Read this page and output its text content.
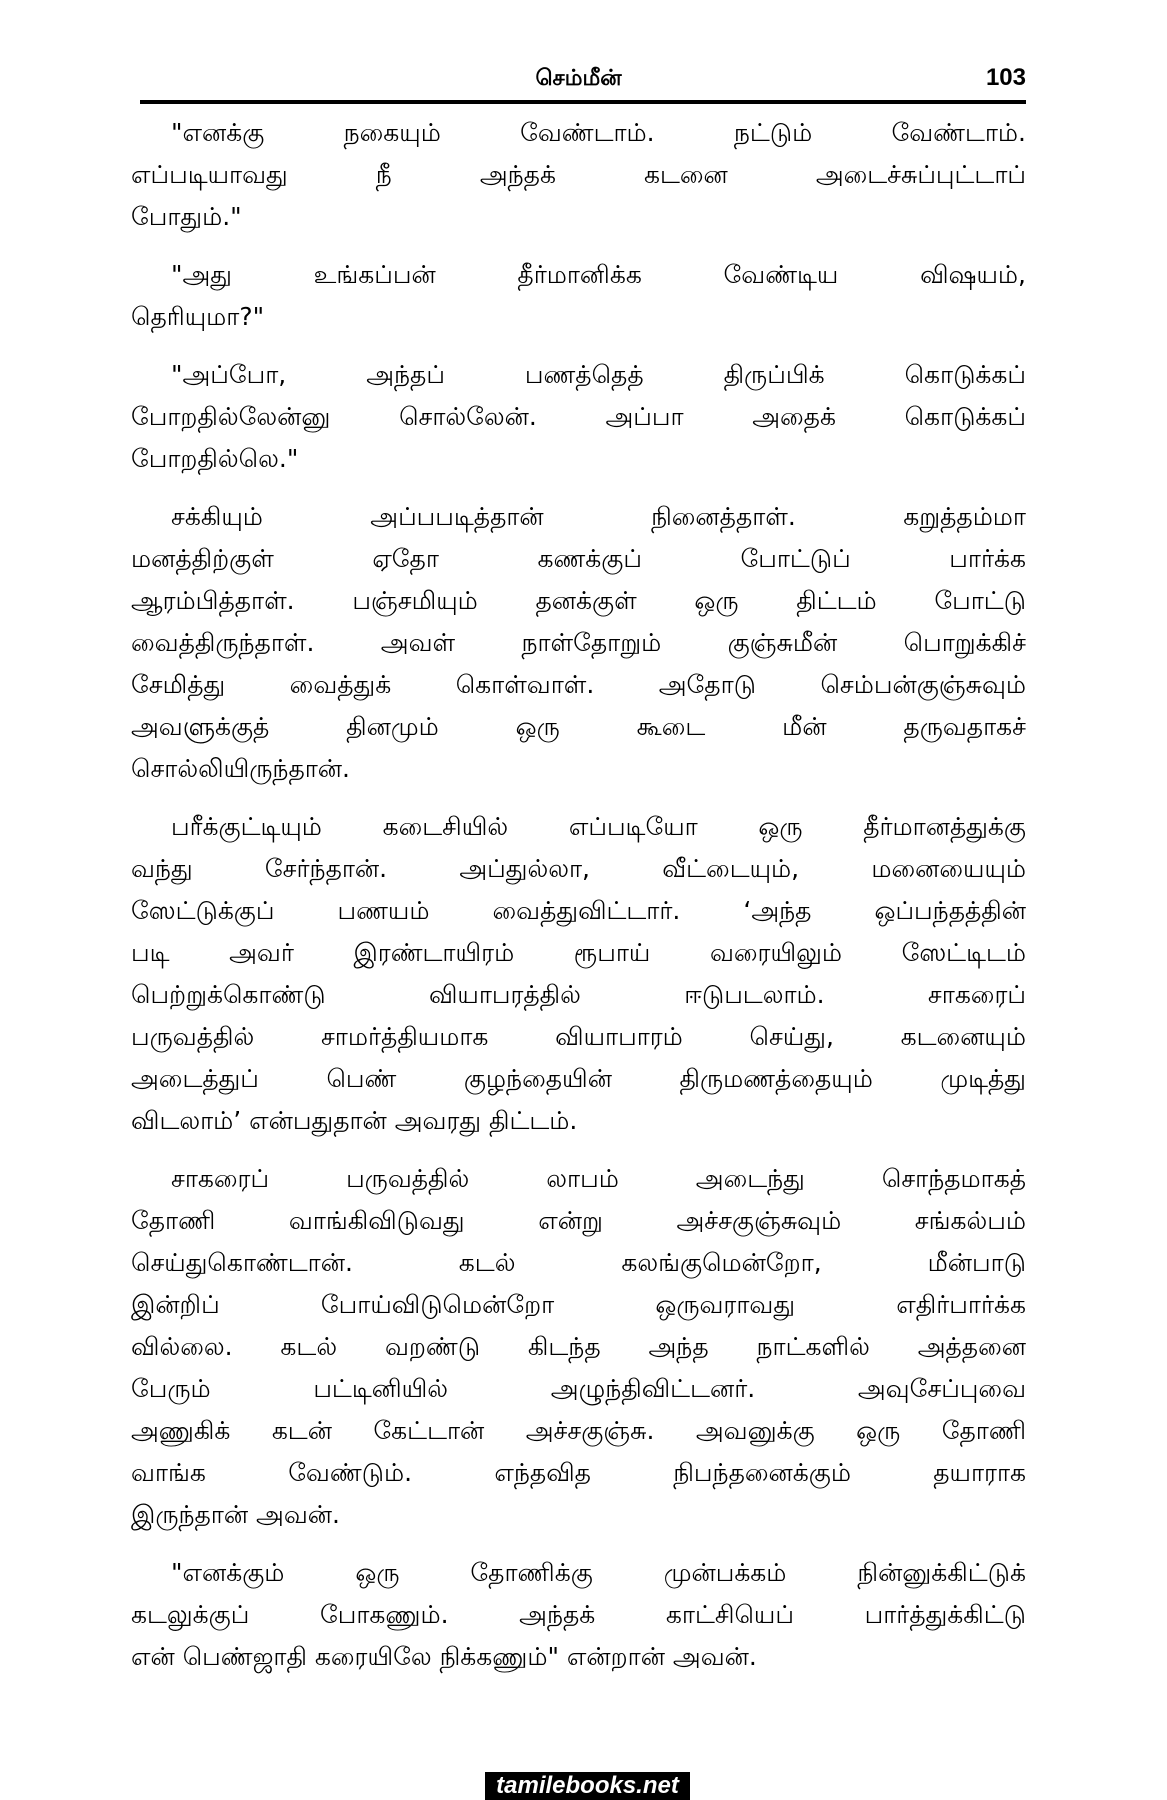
செம்மீன்	103
"எனக்கு நகையும் வேண்டாம். நட்டும் வேண்டாம்.
எப்படியாவது நீ அந்தக் கடனை அடைச்சுப்புட்டாப்
போதும்."
"அது உங்கப்பன் தீர்மானிக்க வேண்டிய விஷயம்,
தெரியுமா?"
"அப்போ, அந்தப் பணத்தெத் திருப்பிக் கொடுக்கப்
போறதில்லேன்னு சொல்லேன். அப்பா அதைக் கொடுக்கப்
போறதில்லெ."
சக்கியும் அப்பபடித்தான் நினைத்தாள். கறுத்தம்மா
மனத்திற்குள் ஏதோ கணக்குப் போட்டுப் பார்க்க
ஆரம்பித்தாள். பஞ்சமியும் தனக்குள் ஒரு திட்டம் போட்டு
வைத்திருந்தாள். அவள் நாள்தோறும் குஞ்சுமீன் பொறுக்கிச்
சேமித்து வைத்துக் கொள்வாள். அதோடு செம்பன்குஞ்சுவும்
அவளுக்குத் தினமும் ஒரு கூடை மீன் தருவதாகச்
சொல்லியிருந்தான்.
பரீக்குட்டியும் கடைசியில் எப்படியோ ஒரு தீர்மானத்துக்கு
வந்து சேர்ந்தான். அப்துல்லா, வீட்டையும், மனையையும்
ஸேட்டுக்குப் பணயம் வைத்துவிட்டார். ‘அந்த ஒப்பந்தத்தின்
படி அவர் இரண்டாயிரம் ரூபாய் வரையிலும் ஸேட்டிடம்
பெற்றுக்கொண்டு வியாபரத்தில் ஈடுபடலாம். சாகரைப்
பருவத்தில் சாமர்த்தியமாக வியாபாரம் செய்து, கடனையும்
அடைத்துப் பெண் குழந்தையின் திருமணத்தையும் முடித்து
விடலாம்’ என்பதுதான் அவரது திட்டம்.
சாகரைப் பருவத்தில் லாபம் அடைந்து சொந்தமாகத்
தோணி வாங்கிவிடுவது என்று அச்சகுஞ்சுவும் சங்கல்பம்
செய்துகொண்டான். கடல் கலங்குமென்றோ, மீன்பாடு
இன்றிப் போய்விடுமென்றோ ஒருவராவது எதிர்பார்க்க
வில்லை. கடல் வறண்டு கிடந்த அந்த நாட்களில் அத்தனை
பேரும் பட்டினியில் அழுந்திவிட்டனர். அவுசேப்புவை
அணுகிக் கடன் கேட்டான் அச்சகுஞ்சு. அவனுக்கு ஒரு தோணி
வாங்க வேண்டும். எந்தவித நிபந்தனைக்கும் தயாராக
இருந்தான் அவன்.
"எனக்கும் ஒரு தோணிக்கு முன்பக்கம் நின்னுக்கிட்டுக்
கடலுக்குப் போகணும். அந்தக் காட்சியெப் பார்த்துக்கிட்டு
என் பெண்ஜாதி கரையிலே நிக்கணும்" என்றான் அவன்.
tamilebooks.net
